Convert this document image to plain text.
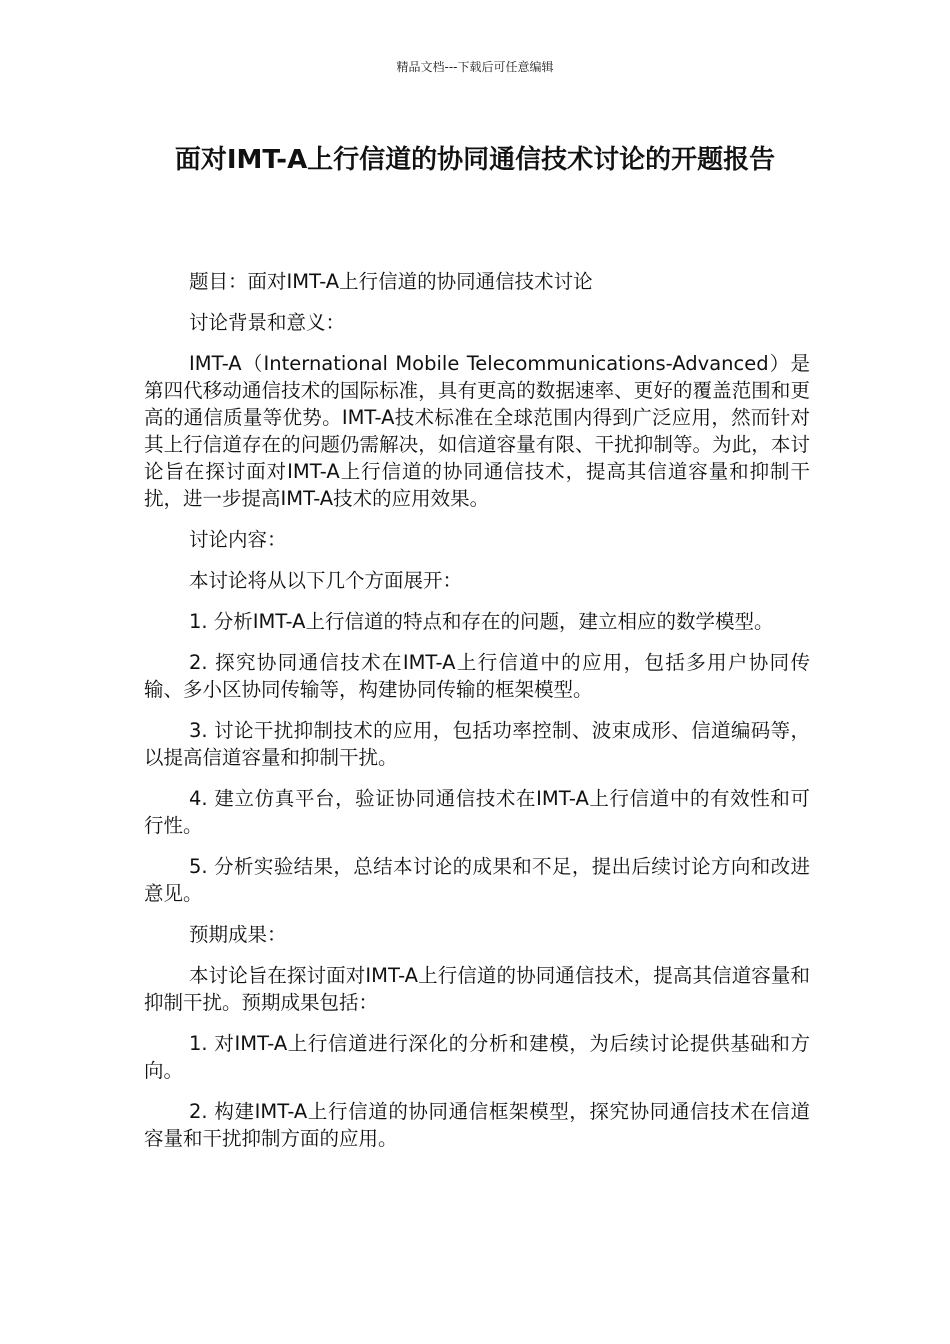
精品文档---下载后可任意编辑
面对IMT-A上行信道的协同通信技术讨论的开题报告

题目：面对IMT-A上行信道的协同通信技术讨论

讨论背景和意义：

IMT-A（International Mobile Telecommunications-Advanced）是第四代移动通信技术的国际标准，具有更高的数据速率、更好的覆盖范围和更高的通信质量等优势。IMT-A技术标准在全球范围内得到广泛应用，然而针对其上行信道存在的问题仍需解决，如信道容量有限、干扰抑制等。为此，本讨论旨在探讨面对IMT-A上行信道的协同通信技术，提高其信道容量和抑制干扰，进一步提高IMT-A技术的应用效果。

讨论内容：

本讨论将从以下几个方面展开：

1. 分析IMT-A上行信道的特点和存在的问题，建立相应的数学模型。

2. 探究协同通信技术在IMT-A上行信道中的应用，包括多用户协同传输、多小区协同传输等，构建协同传输的框架模型。

3. 讨论干扰抑制技术的应用，包括功率控制、波束成形、信道编码等，以提高信道容量和抑制干扰。

4. 建立仿真平台，验证协同通信技术在IMT-A上行信道中的有效性和可行性。

5. 分析实验结果，总结本讨论的成果和不足，提出后续讨论方向和改进意见。

预期成果：

本讨论旨在探讨面对IMT-A上行信道的协同通信技术，提高其信道容量和抑制干扰。预期成果包括：

1. 对IMT-A上行信道进行深化的分析和建模，为后续讨论提供基础和方向。

2. 构建IMT-A上行信道的协同通信框架模型，探究协同通信技术在信道容量和干扰抑制方面的应用。
